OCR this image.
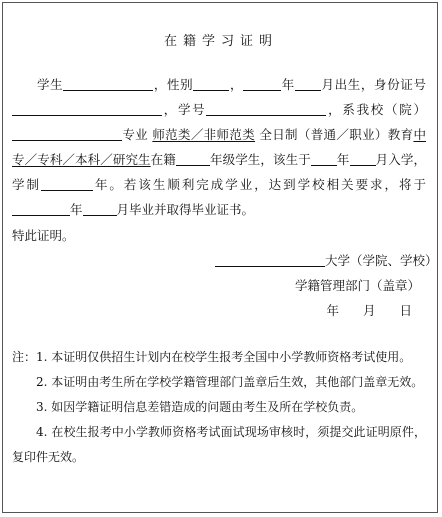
在籍学习证明
学生	，性别	，	年 月出生，身份证号，学号	，系我校（院）专业 师范类／非师范类 全日制（普通／职业）教育中专／专科／本科／研究生在籍	年级学生，该生于 年 月入学，学制	年。若该生顺利完成学业，达到学校相关要求，将于年	月毕业并取得毕业证书。
特此证明。
大学（学院、学校）
学籍管理部门（盖章）
年 月 日
注：1. 本证明仅供招生计划内在校学生报考全国中小学教师资格考试使用。
2. 本证明由考生所在学校学籍管理部门盖章后生效，其他部门盖章无效。
3. 如因学籍证明信息差错造成的问题由考生及所在学校负责。
4. 在校生报考中小学教师资格考试面试现场审核时，须提交此证明原件，复印件无效。
